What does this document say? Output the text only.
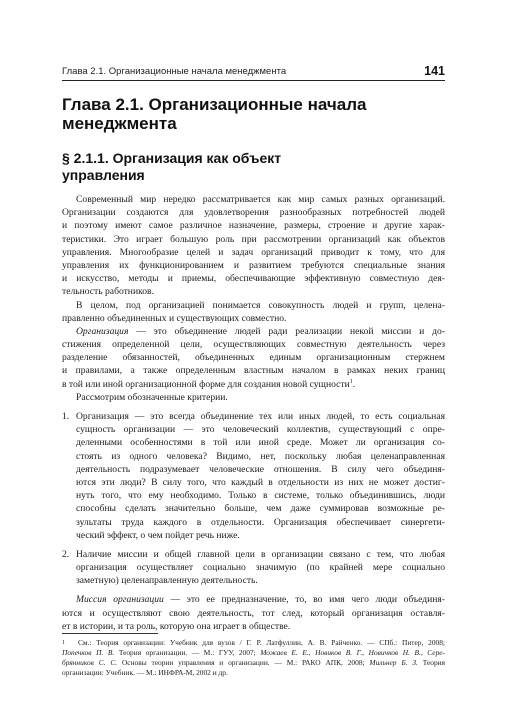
Глава 2.1. Организационные начала менеджмента	141
Глава 2.1. Организационные начала
менеджмента
§ 2.1.1. Организация как объект
управления
Современный мир нередко рассматривается как мир самых разных организаций.
Организации создаются для удовлетворения разнообразных потребностей людей
и поэтому имеют самое различное назначение, размеры, строение и другие харак-
теристики. Это играет большую роль при рассмотрении организаций как объектов
управления. Многообразие целей и задач организаций приводит к тому, что для
управления их функционированием и развитием требуются специальные знания
и искусство, методы и приемы, обеспечивающие эффективную совместную дея-
тельность работников.
В целом, под организацией понимается совокупность людей и групп, целена-
правленно объединенных и существующих совместно.
Организация — это объединение людей ради реализации некой миссии и до-
стижения определенной цели, осуществляющих совместную деятельность через
разделение обязанностей, объединенных единым организационным стержнем
и правилами, а также определенным властным началом в рамках неких границ
в той или иной организационной форме для создания новой сущности$^1$.
Рассмотрим обозначенные критерии.
1. Организация — это всегда объединение тех или иных людей, то есть социальная
сущность организации — это человеческий коллектив, существующий с опре-
деленными особенностями в той или иной среде. Может ли организация со-
стоять из одного человека? Видимо, нет, поскольку любая целенаправленная
деятельность подразумевает человеческие отношения. В силу чего объединя-
ются эти люди? В силу того, что каждый в отдельности из них не может достиг-
нуть того, что ему необходимо. Только в системе, только объединившись, люди
способны сделать значительно больше, чем даже суммировав возможные ре-
зультаты труда каждого в отдельности. Организация обеспечивает синергети-
ческий эффект, о чем пойдет речь ниже.
2. Наличие миссии и общей главной цели в организации связано с тем, что любая
организация осуществляет социально значимую (по крайней мере социально
заметную) целенаправленную деятельность.
Миссия организации — это ее предназначение, то, во имя чего люди объединя-
ются и осуществляют свою деятельность, тот след, который организация оставля-
ет в истории, и та роль, которую она играет в обществе.
1 См.: Теория организации: Учебник для вузов / Г. Р. Латфуллин, А. В. Райченко. — СПб.: Питер, 2008;
Попечков П. В. Теория организации. — М.: ГУУ, 2007; Можаев Е. Е., Новиков В. Г., Новичков Н. В., Сере-
брянников С. С. Основы теории управления и организации. — М.: РАКО АПК, 2008; Мильнер Б. З. Теория
организации: Учебник. — М.: ИНФРА-М, 2002 и др.
